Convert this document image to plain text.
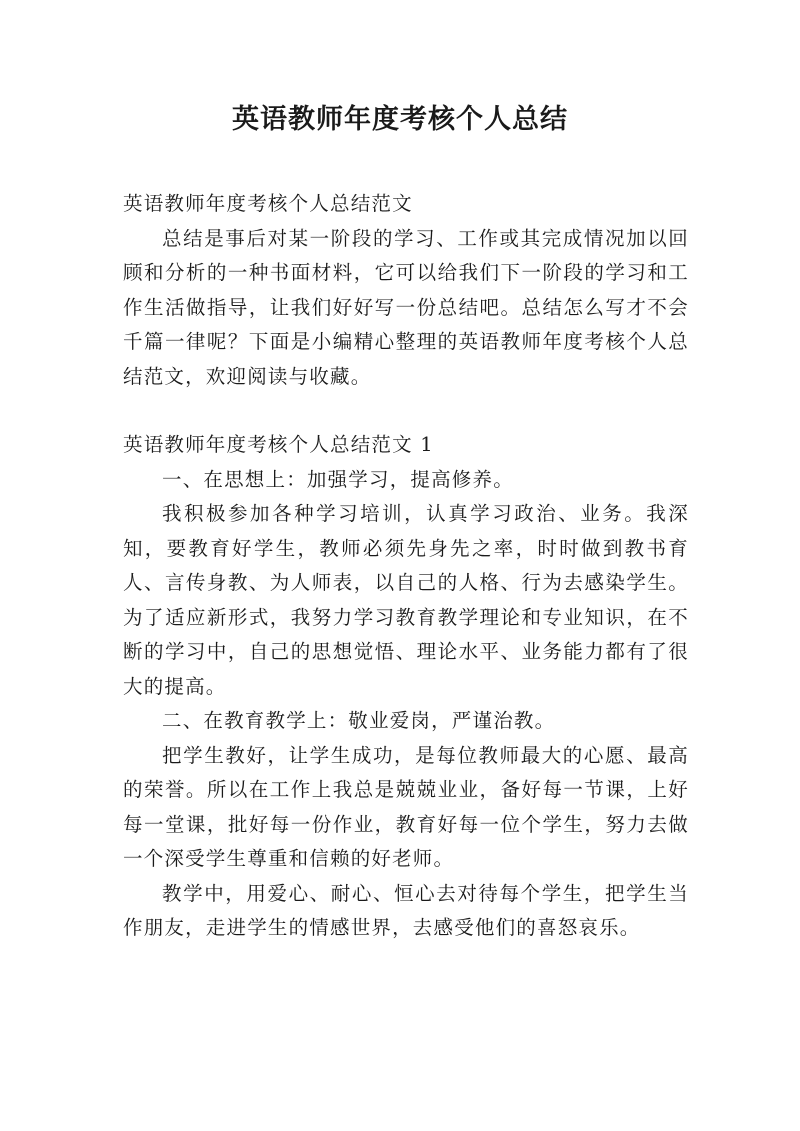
英语教师年度考核个人总结

英语教师年度考核个人总结范文

总结是事后对某一阶段的学习、工作或其完成情况加以回顾和分析的一种书面材料，它可以给我们下一阶段的学习和工作生活做指导，让我们好好写一份总结吧。总结怎么写才不会千篇一律呢？下面是小编精心整理的英语教师年度考核个人总结范文，欢迎阅读与收藏。

英语教师年度考核个人总结范文 1

一、在思想上：加强学习，提高修养。

我积极参加各种学习培训，认真学习政治、业务。我深知，要教育好学生，教师必须先身先之率，时时做到教书育人、言传身教、为人师表，以自己的人格、行为去感染学生。为了适应新形式，我努力学习教育教学理论和专业知识，在不断的学习中，自己的思想觉悟、理论水平、业务能力都有了很大的提高。

二、在教育教学上：敬业爱岗，严谨治教。

把学生教好，让学生成功，是每位教师最大的心愿、最高的荣誉。所以在工作上我总是兢兢业业，备好每一节课，上好每一堂课，批好每一份作业，教育好每一位个学生，努力去做一个深受学生尊重和信赖的好老师。

教学中，用爱心、耐心、恒心去对待每个学生，把学生当作朋友，走进学生的情感世界，去感受他们的喜怒哀乐。
